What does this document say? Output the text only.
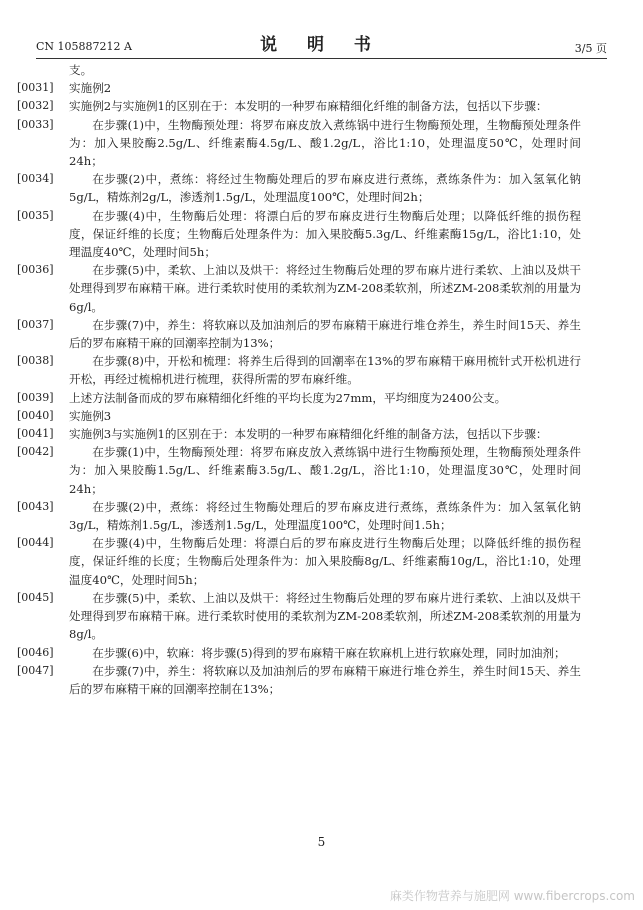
CN 105887212 A	说 明 书	3/5 页
支。
[0031] 实施例2
[0032] 实施例2与实施例1的区别在于：本发明的一种罗布麻精细化纤维的制备方法，包括以下步骤：
[0033]	在步骤(1)中，生物酶预处理：将罗布麻皮放入煮练锅中进行生物酶预处理，生物酶预处理条件为：加入果胶酶2.5g/L、纤维素酶4.5g/L、酸1.2g/L，浴比1:10，处理温度50℃，处理时间24h；
[0034]	在步骤(2)中，煮练：将经过生物酶处理后的罗布麻皮进行煮练，煮练条件为：加入氢氧化钠5g/L，精炼剂2g/L，渗透剂1.5g/L，处理温度100℃，处理时间2h；
[0035]	在步骤(4)中，生物酶后处理：将漂白后的罗布麻皮进行生物酶后处理；以降低纤维的损伤程度，保证纤维的长度；生物酶后处理条件为：加入果胶酶5.3g/L、纤维素酶15g/L，浴比1:10，处理温度40℃，处理时间5h；
[0036]	在步骤(5)中，柔软、上油以及烘干：将经过生物酶后处理的罗布麻片进行柔软、上油以及烘干处理得到罗布麻精干麻。进行柔软时使用的柔软剂为ZM-208柔软剂，所述ZM-208柔软剂的用量为6g/l。
[0037]	在步骤(7)中，养生：将软麻以及加油剂后的罗布麻精干麻进行堆仓养生，养生时间15天、养生后的罗布麻精干麻的回潮率控制为13%；
[0038]	在步骤(8)中，开松和梳理：将养生后得到的回潮率在13%的罗布麻精干麻用梳针式开松机进行开松，再经过梳棉机进行梳理，获得所需的罗布麻纤维。
[0039] 上述方法制备而成的罗布麻精细化纤维的平均长度为27mm，平均细度为2400公支。
[0040] 实施例3
[0041] 实施例3与实施例1的区别在于：本发明的一种罗布麻精细化纤维的制备方法，包括以下步骤：
[0042]	在步骤(1)中，生物酶预处理：将罗布麻皮放入煮练锅中进行生物酶预处理，生物酶预处理条件为：加入果胶酶1.5g/L、纤维素酶3.5g/L、酸1.2g/L，浴比1:10，处理温度30℃，处理时间24h；
[0043]	在步骤(2)中，煮练：将经过生物酶处理后的罗布麻皮进行煮练，煮练条件为：加入氢氧化钠3g/L，精炼剂1.5g/L，渗透剂1.5g/L，处理温度100℃，处理时间1.5h；
[0044]	在步骤(4)中，生物酶后处理：将漂白后的罗布麻皮进行生物酶后处理；以降低纤维的损伤程度，保证纤维的长度；生物酶后处理条件为：加入果胶酶8g/L、纤维素酶10g/L，浴比1:10，处理温度40℃，处理时间5h；
[0045]	在步骤(5)中，柔软、上油以及烘干：将经过生物酶后处理的罗布麻片进行柔软、上油以及烘干处理得到罗布麻精干麻。进行柔软时使用的柔软剂为ZM-208柔软剂，所述ZM-208柔软剂的用量为8g/l。
[0046]	在步骤(6)中，软麻：将步骤(5)得到的罗布麻精干麻在软麻机上进行软麻处理，同时加油剂；
[0047]	在步骤(7)中，养生：将软麻以及加油剂后的罗布麻精干麻进行堆仓养生，养生时间15天、养生后的罗布麻精干麻的回潮率控制在13%；
5
麻类作物营养与施肥网 www.fibercrops.com
